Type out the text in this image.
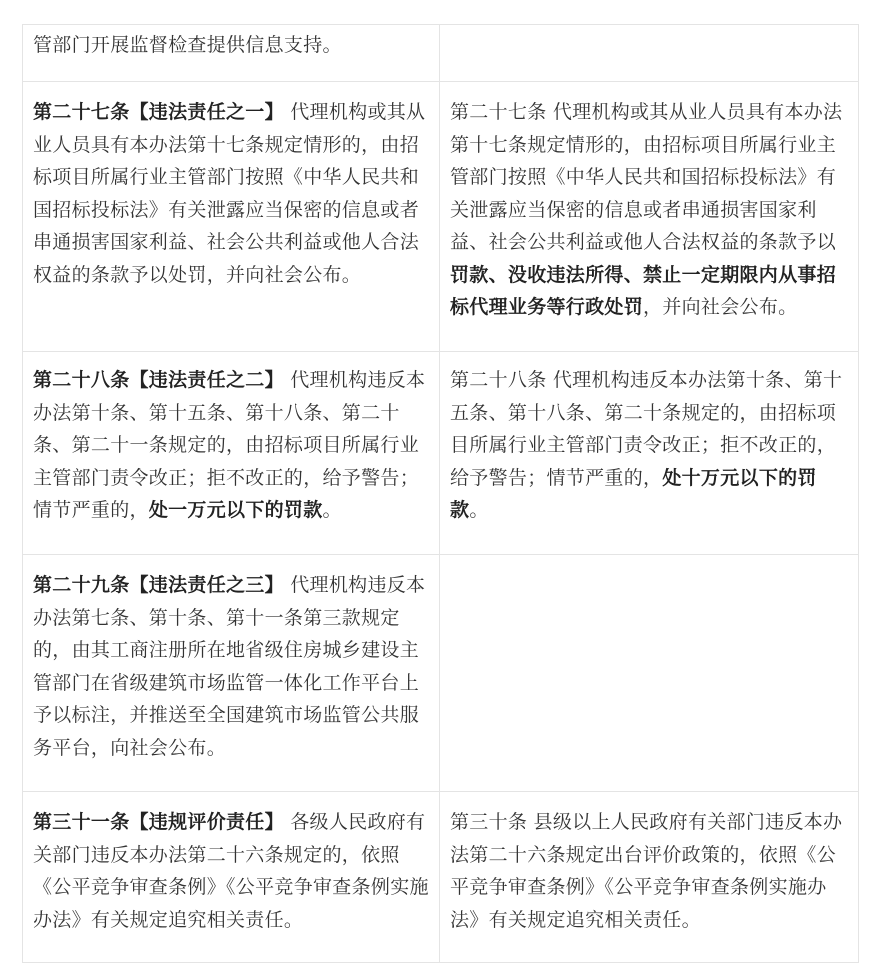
管部门开展监督检查提供信息支持。	
第二十七条【违法责任之一】 代理机构或其从业人员具有本办法第十七条规定情形的，由招标项目所属行业主管部门按照《中华人民共和国招标投标法》有关泄露应当保密的信息或者串通损害国家利益、社会公共利益或他人合法权益的条款予以处罚，并向社会公布。	第二十七条 代理机构或其从业人员具有本办法第十七条规定情形的，由招标项目所属行业主管部门按照《中华人民共和国招标投标法》有关泄露应当保密的信息或者串通损害国家利益、社会公共利益或他人合法权益的条款予以罚款、没收违法所得、禁止一定期限内从事招标代理业务等行政处罚，并向社会公布。
第二十八条【违法责任之二】 代理机构违反本办法第十条、第十五条、第十八条、第二十条、第二十一条规定的，由招标项目所属行业主管部门责令改正；拒不改正的，给予警告；情节严重的，处一万元以下的罚款。	第二十八条 代理机构违反本办法第十条、第十五条、第十八条、第二十条规定的，由招标项目所属行业主管部门责令改正；拒不改正的，给予警告；情节严重的，处十万元以下的罚款。
第二十九条【违法责任之三】 代理机构违反本办法第七条、第十条、第十一条第三款规定的，由其工商注册所在地省级住房城乡建设主管部门在省级建筑市场监管一体化工作平台上予以标注，并推送至全国建筑市场监管公共服务平台，向社会公布。	
第三十一条【违规评价责任】 各级人民政府有关部门违反本办法第二十六条规定的，依照《公平竞争审查条例》《公平竞争审查条例实施办法》有关规定追究相关责任。	第三十条 县级以上人民政府有关部门违反本办法第二十六条规定出台评价政策的，依照《公平竞争审查条例》《公平竞争审查条例实施办法》有关规定追究相关责任。
